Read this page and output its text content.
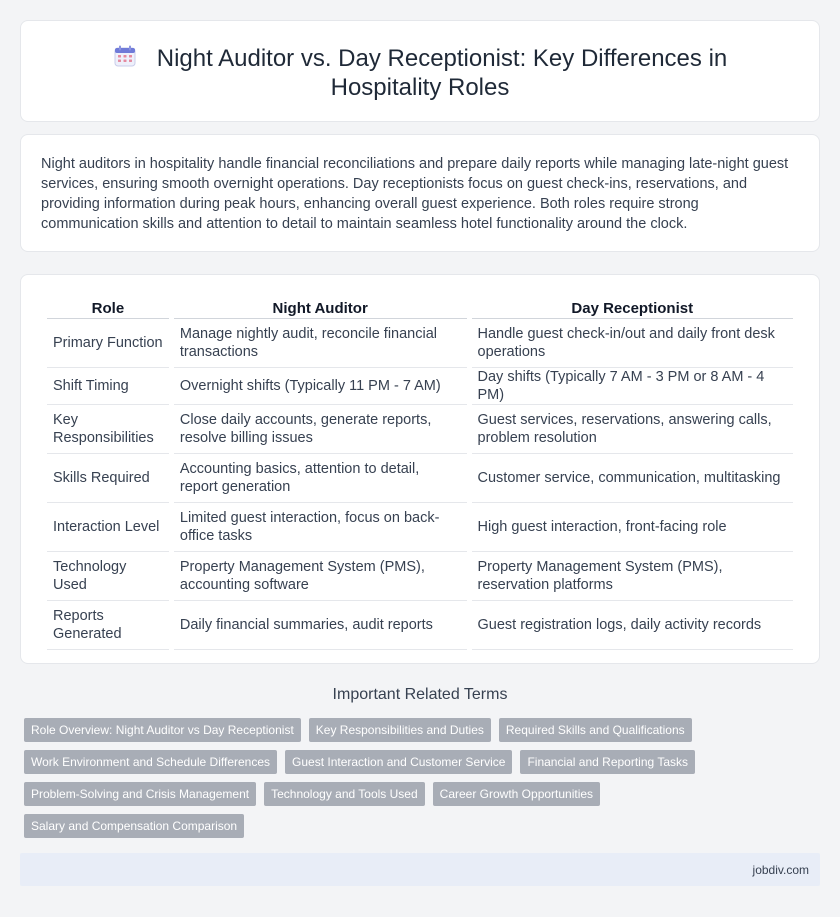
Night Auditor vs. Day Receptionist: Key Differences in Hospitality Roles

Night auditors in hospitality handle financial reconciliations and prepare daily reports while managing late-night guest services, ensuring smooth overnight operations. Day receptionists focus on guest check-ins, reservations, and providing information during peak hours, enhancing overall guest experience. Both roles require strong communication skills and attention to detail to maintain seamless hotel functionality around the clock.

Role	Night Auditor	Day Receptionist
Primary Function	Manage nightly audit, reconcile financial transactions	Handle guest check-in/out and daily front desk operations
Shift Timing	Overnight shifts (Typically 11 PM - 7 AM)	Day shifts (Typically 7 AM - 3 PM or 8 AM - 4 PM)
Key Responsibilities	Close daily accounts, generate reports, resolve billing issues	Guest services, reservations, answering calls, problem resolution
Skills Required	Accounting basics, attention to detail, report generation	Customer service, communication, multitasking
Interaction Level	Limited guest interaction, focus on back-office tasks	High guest interaction, front-facing role
Technology Used	Property Management System (PMS), accounting software	Property Management System (PMS), reservation platforms
Reports Generated	Daily financial summaries, audit reports	Guest registration logs, daily activity records
Important Related Terms
Role Overview: Night Auditor vs Day Receptionist	Key Responsibilities and Duties	Required Skills and Qualifications
Work Environment and Schedule Differences	Guest Interaction and Customer Service	Financial and Reporting Tasks
Problem-Solving and Crisis Management	Technology and Tools Used	Career Growth Opportunities
Salary and Compensation Comparison
jobdiv.com
